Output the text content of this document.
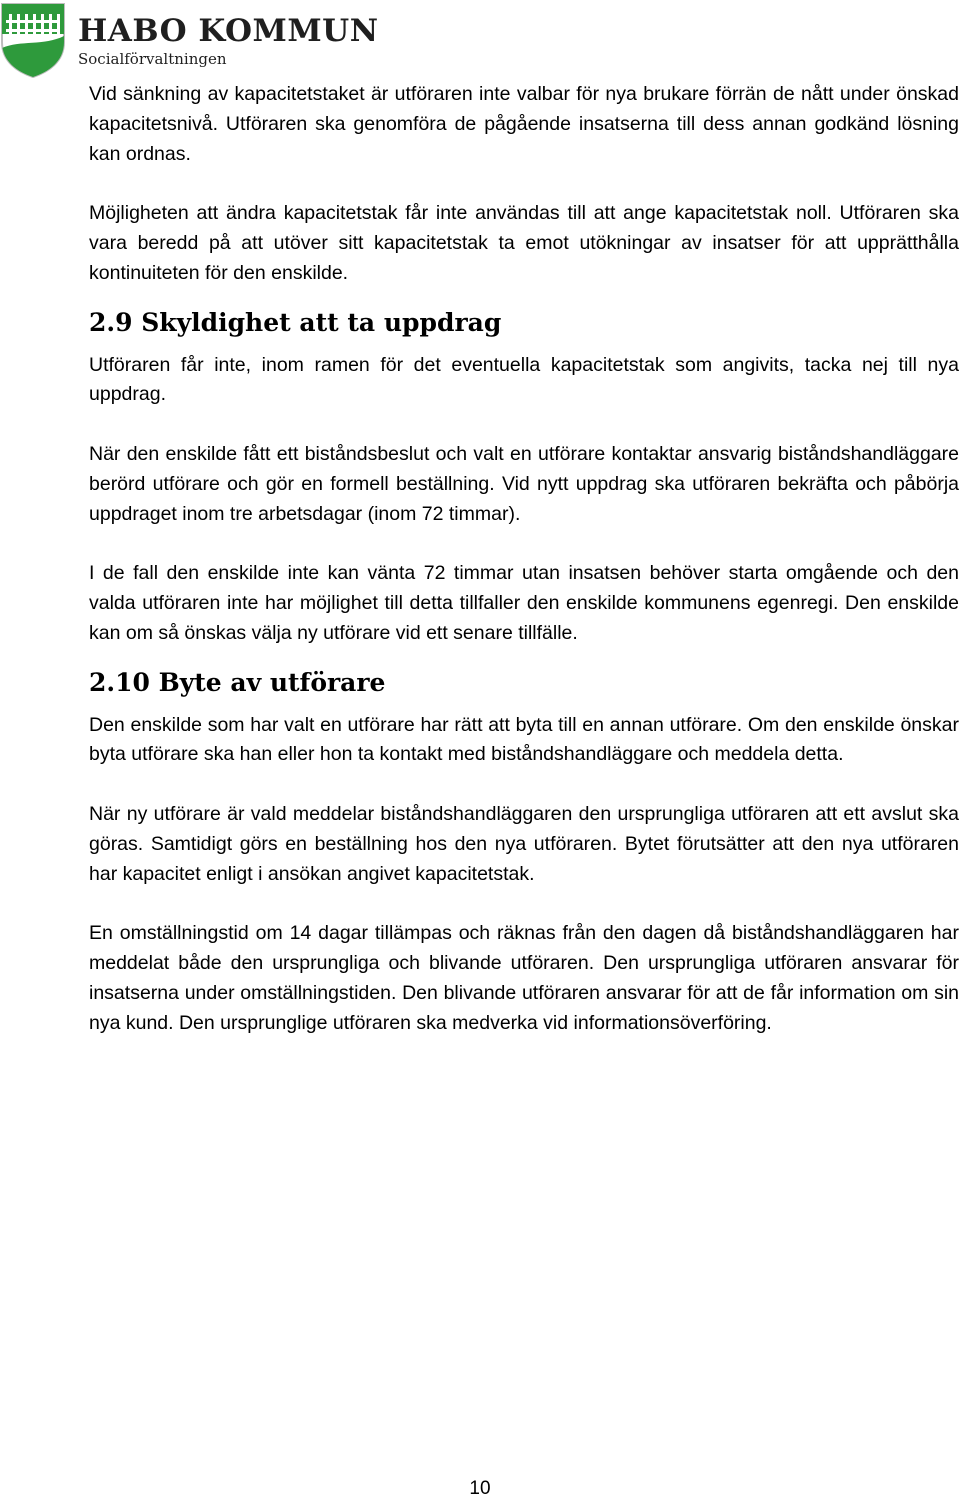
HABO KOMMUN
Socialförvaltningen

Vid sänkning av kapacitetstaket är utföraren inte valbar för nya brukare förrän de nått under önskad kapacitetsnivå. Utföraren ska genomföra de pågående insatserna till dess annan godkänd lösning kan ordnas.

Möjligheten att ändra kapacitetstak får inte användas till att ange kapacitetstak noll. Utföraren ska vara beredd på att utöver sitt kapacitetstak ta emot utökningar av insatser för att upprätthålla kontinuiteten för den enskilde.

2.9 Skyldighet att ta uppdrag

Utföraren får inte, inom ramen för det eventuella kapacitetstak som angivits, tacka nej till nya uppdrag.

När den enskilde fått ett biståndsbeslut och valt en utförare kontaktar ansvarig biståndshandläggare berörd utförare och gör en formell beställning. Vid nytt uppdrag ska utföraren bekräfta och påbörja uppdraget inom tre arbetsdagar (inom 72 timmar).

I de fall den enskilde inte kan vänta 72 timmar utan insatsen behöver starta omgående och den valda utföraren inte har möjlighet till detta tillfaller den enskilde kommunens egenregi. Den enskilde kan om så önskas välja ny utförare vid ett senare tillfälle.

2.10 Byte av utförare

Den enskilde som har valt en utförare har rätt att byta till en annan utförare. Om den enskilde önskar byta utförare ska han eller hon ta kontakt med biståndshandläggare och meddela detta.

När ny utförare är vald meddelar biståndshandläggaren den ursprungliga utföraren att ett avslut ska göras. Samtidigt görs en beställning hos den nya utföraren. Bytet förutsätter att den nya utföraren har kapacitet enligt i ansökan angivet kapacitetstak.

En omställningstid om 14 dagar tillämpas och räknas från den dagen då biståndshandläggaren har meddelat både den ursprungliga och blivande utföraren. Den ursprungliga utföraren ansvarar för insatserna under omställningstiden. Den blivande utföraren ansvarar för att de får information om sin nya kund. Den ursprunglige utföraren ska medverka vid informationsöverföring.

10
